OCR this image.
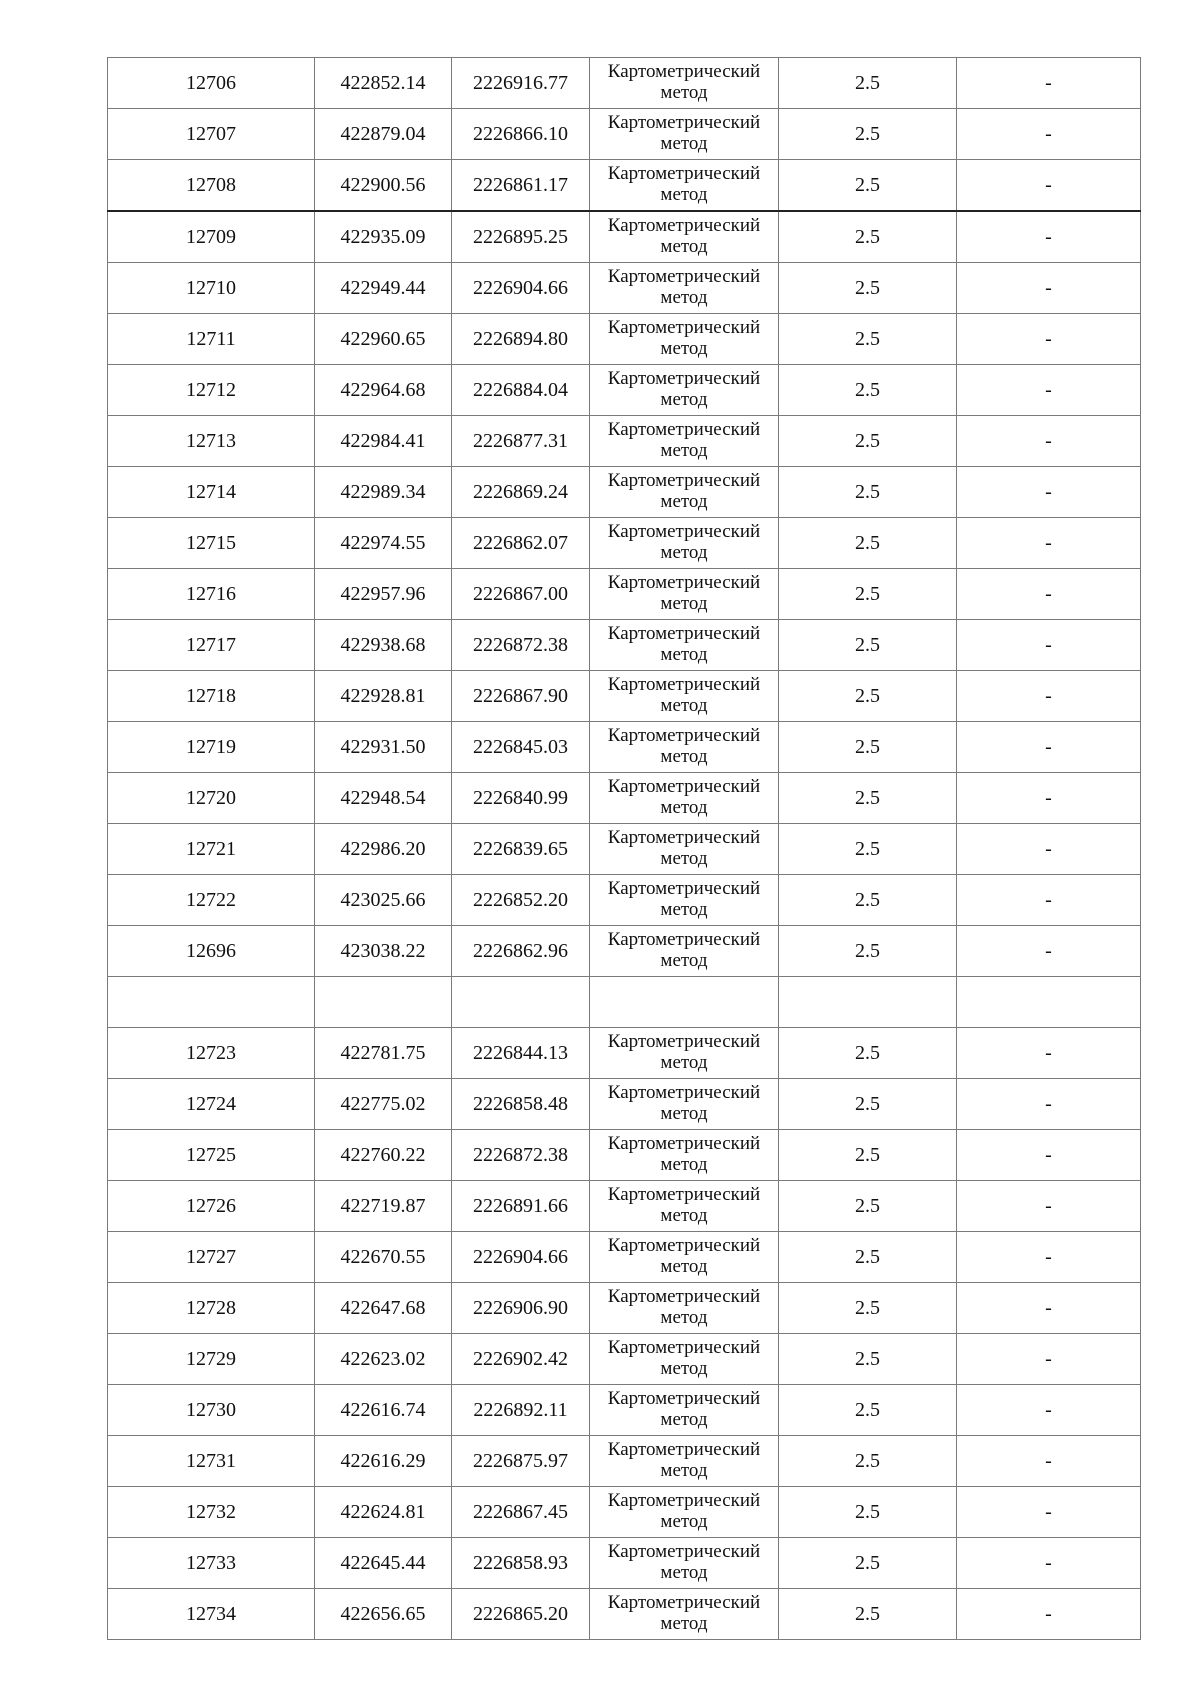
12706	422852.14	2226916.77	Картометрический метод	2.5	-
12707	422879.04	2226866.10	Картометрический метод	2.5	-
12708	422900.56	2226861.17	Картометрический метод	2.5	-
12709	422935.09	2226895.25	Картометрический метод	2.5	-
12710	422949.44	2226904.66	Картометрический метод	2.5	-
12711	422960.65	2226894.80	Картометрический метод	2.5	-
12712	422964.68	2226884.04	Картометрический метод	2.5	-
12713	422984.41	2226877.31	Картометрический метод	2.5	-
12714	422989.34	2226869.24	Картометрический метод	2.5	-
12715	422974.55	2226862.07	Картометрический метод	2.5	-
12716	422957.96	2226867.00	Картометрический метод	2.5	-
12717	422938.68	2226872.38	Картометрический метод	2.5	-
12718	422928.81	2226867.90	Картометрический метод	2.5	-
12719	422931.50	2226845.03	Картометрический метод	2.5	-
12720	422948.54	2226840.99	Картометрический метод	2.5	-
12721	422986.20	2226839.65	Картометрический метод	2.5	-
12722	423025.66	2226852.20	Картометрический метод	2.5	-
12696	423038.22	2226862.96	Картометрический метод	2.5	-

12723	422781.75	2226844.13	Картометрический метод	2.5	-
12724	422775.02	2226858.48	Картометрический метод	2.5	-
12725	422760.22	2226872.38	Картометрический метод	2.5	-
12726	422719.87	2226891.66	Картометрический метод	2.5	-
12727	422670.55	2226904.66	Картометрический метод	2.5	-
12728	422647.68	2226906.90	Картометрический метод	2.5	-
12729	422623.02	2226902.42	Картометрический метод	2.5	-
12730	422616.74	2226892.11	Картометрический метод	2.5	-
12731	422616.29	2226875.97	Картометрический метод	2.5	-
12732	422624.81	2226867.45	Картометрический метод	2.5	-
12733	422645.44	2226858.93	Картометрический метод	2.5	-
12734	422656.65	2226865.20	Картометрический метод	2.5	-
